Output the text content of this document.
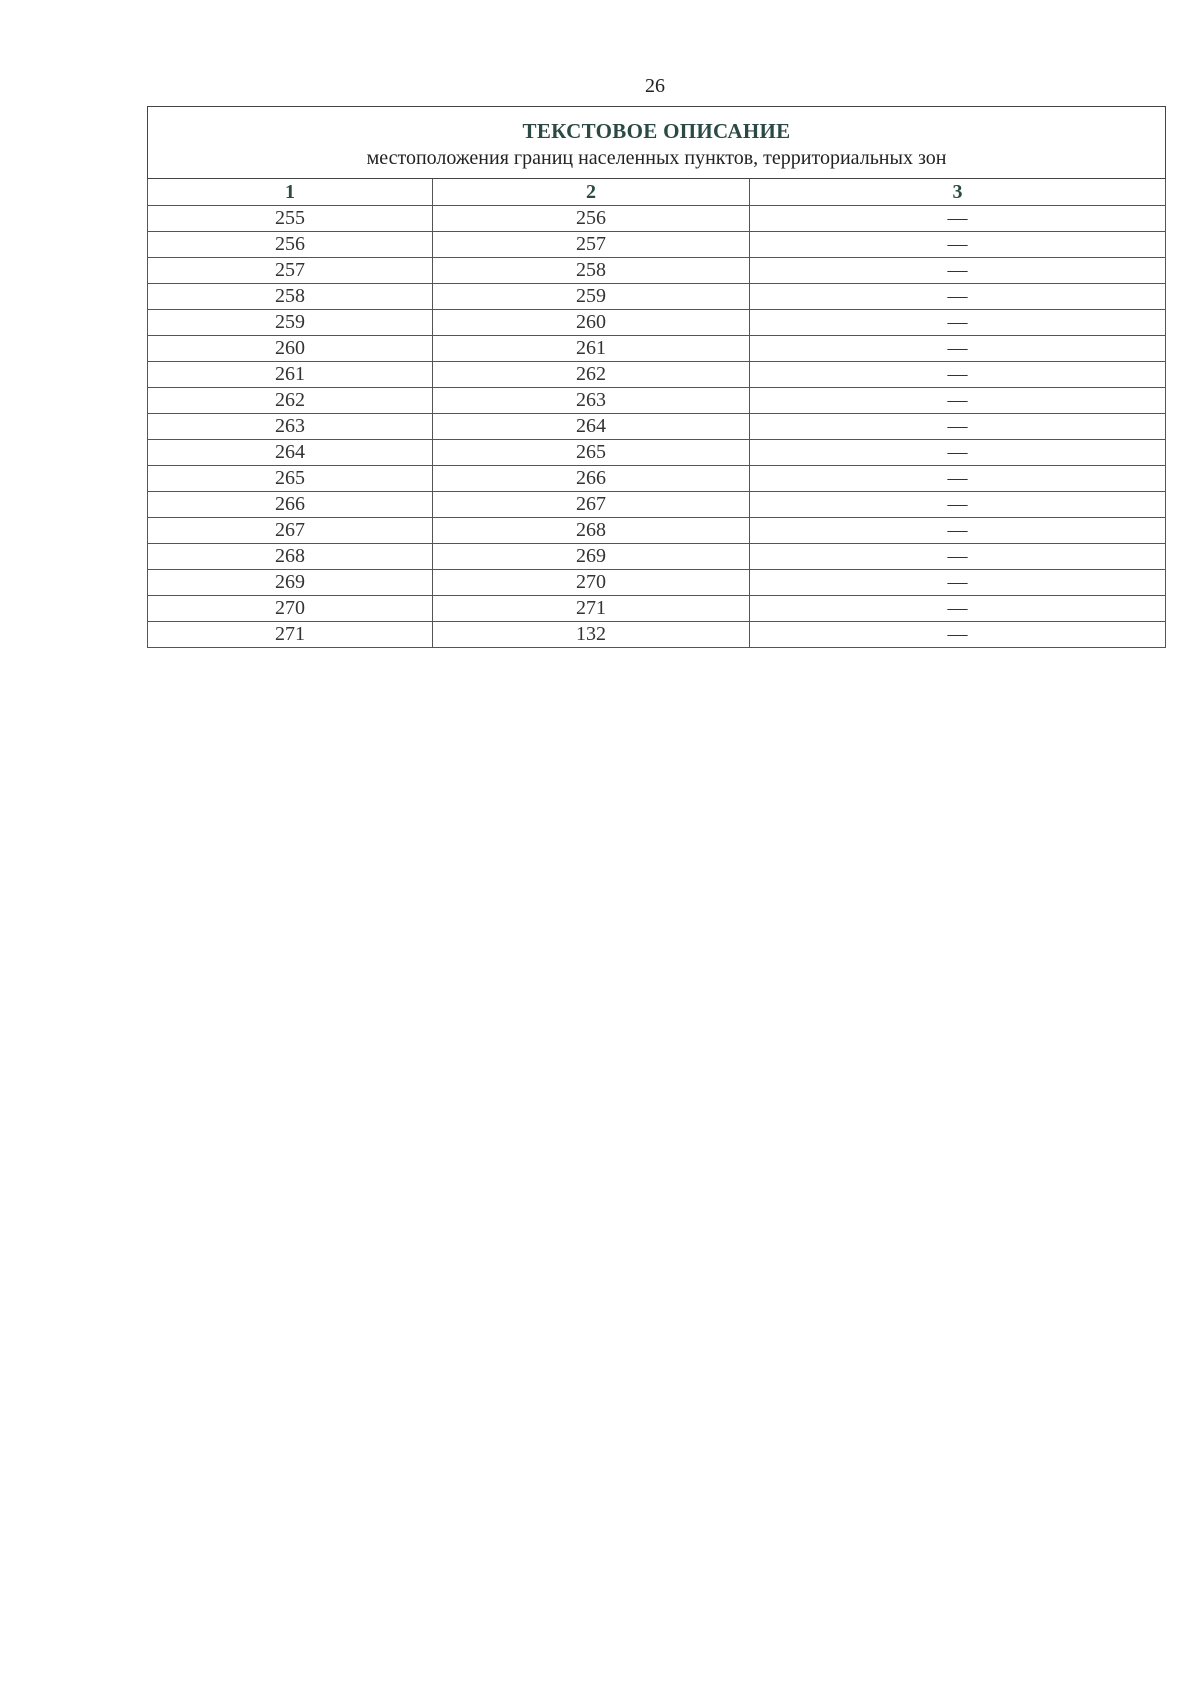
26
ТЕКСТОВОЕ ОПИСАНИЕ
местоположения границ населенных пунктов, территориальных зон		

1	2	3
255	256	—
256	257	—
257	258	—
258	259	—
259	260	—
260	261	—
261	262	—
262	263	—
263	264	—
264	265	—
265	266	—
266	267	—
267	268	—
268	269	—
269	270	—
270	271	—
271	132	—
